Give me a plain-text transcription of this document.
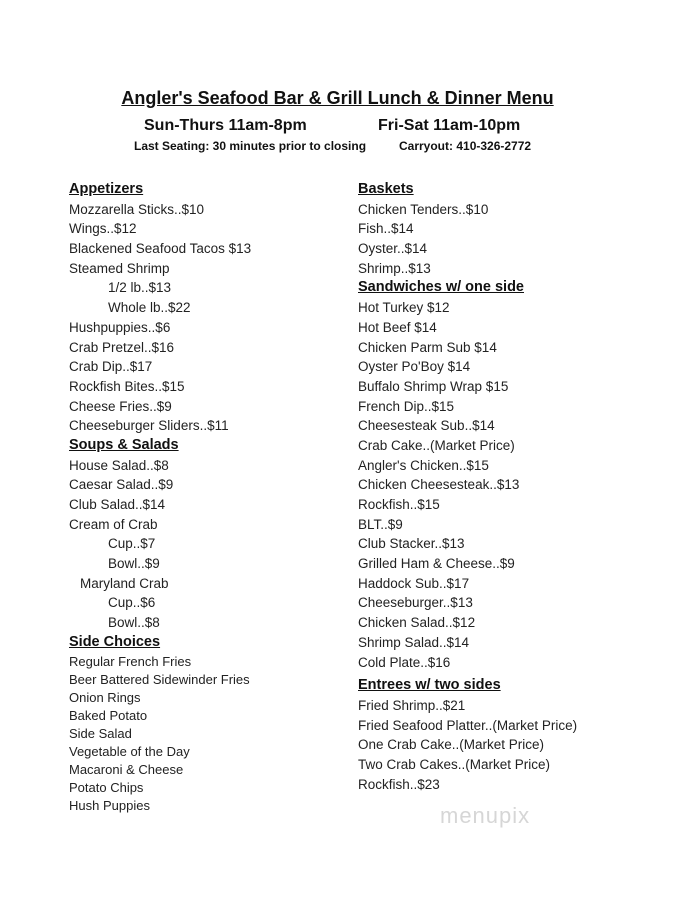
Angler's Seafood Bar & Grill Lunch & Dinner Menu
Sun-Thurs 11am-8pm	Fri-Sat 11am-10pm
Last Seating: 30 minutes prior to closing	Carryout: 410-326-2772
Appetizers
Mozzarella Sticks..$10
Wings..$12
Blackened Seafood Tacos $13
Steamed Shrimp
1/2 lb..$13
Whole lb..$22
Hushpuppies..$6
Crab Pretzel..$16
Crab Dip..$17
Rockfish Bites..$15
Cheese Fries..$9
Cheeseburger Sliders..$11
Soups & Salads
House Salad..$8
Caesar Salad..$9
Club Salad..$14
Cream of Crab
Cup..$7
Bowl..$9
Maryland Crab
Cup..$6
Bowl..$8
Side Choices
Regular French Fries
Beer Battered Sidewinder Fries
Onion Rings
Baked Potato
Side Salad
Vegetable of the Day
Macaroni & Cheese
Potato Chips
Hush Puppies
Baskets
Chicken Tenders..$10
Fish..$14
Oyster..$14
Shrimp..$13
Sandwiches w/ one side
Hot Turkey $12
Hot Beef $14
Chicken Parm Sub $14
Oyster Po'Boy $14
Buffalo Shrimp Wrap $15
French Dip..$15
Cheesesteak Sub..$14
Crab Cake..(Market Price)
Angler's Chicken..$15
Chicken Cheesesteak..$13
Rockfish..$15
BLT..$9
Club Stacker..$13
Grilled Ham & Cheese..$9
Haddock Sub..$17
Cheeseburger..$13
Chicken Salad..$12
Shrimp Salad..$14
Cold Plate..$16
Entrees w/ two sides
Fried Shrimp..$21
Fried Seafood Platter..(Market Price)
One Crab Cake..(Market Price)
Two Crab Cakes..(Market Price)
Rockfish..$23
menupix
